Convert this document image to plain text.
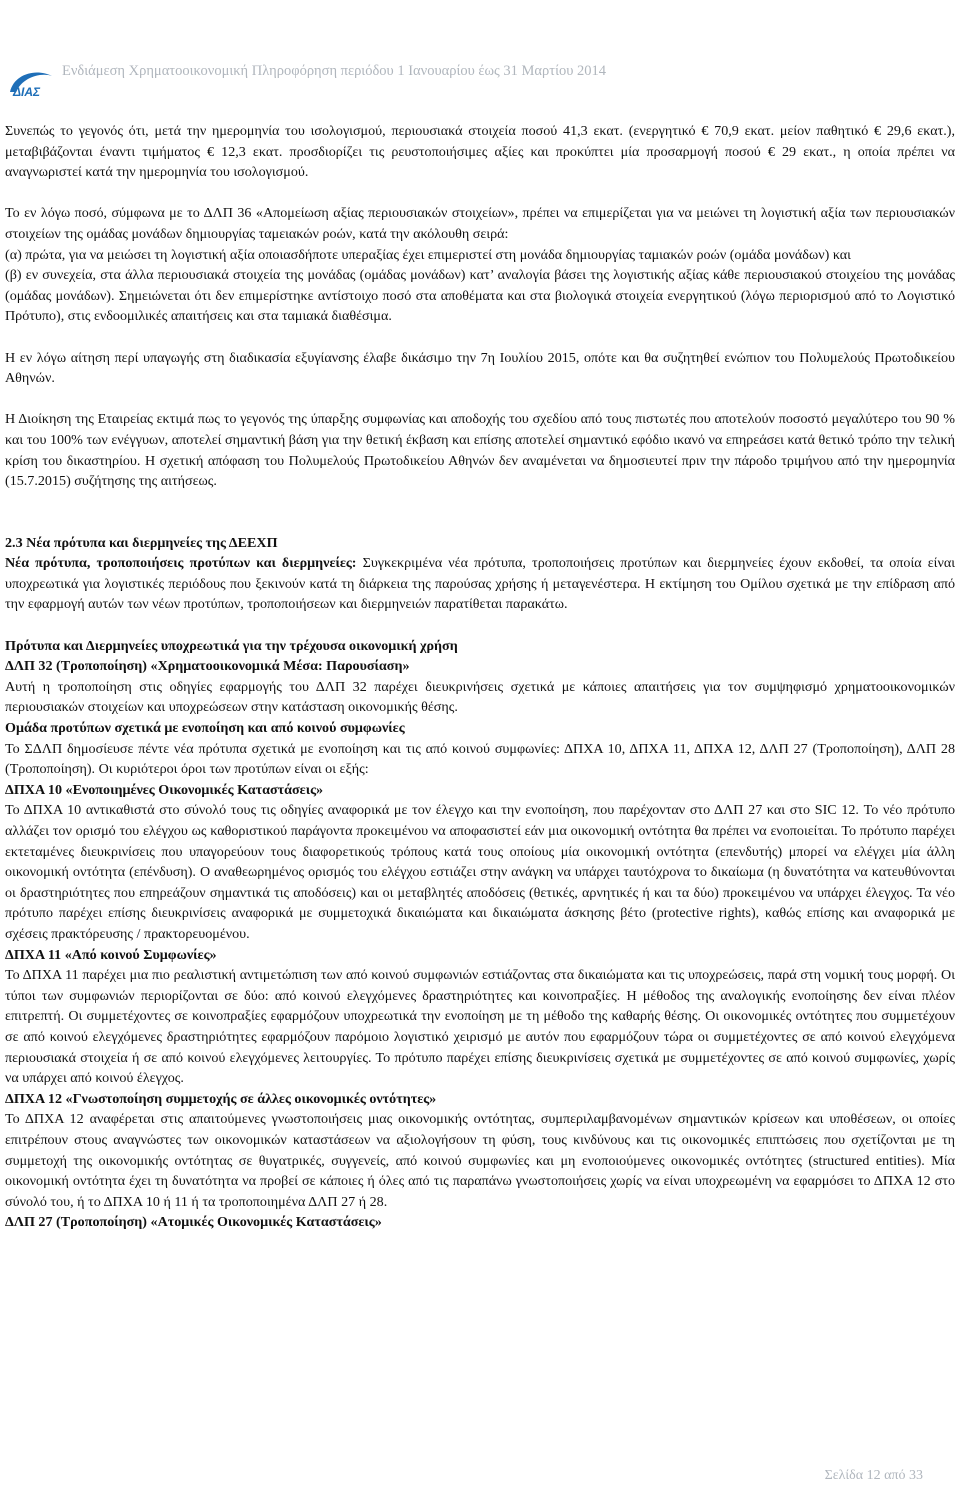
ΔΙΑΣ
Ενδιάμεση Χρηματοοικονομική Πληροφόρηση περιόδου 1 Ιανουαρίου έως 31 Μαρτίου 2014

Συνεπώς το γεγονός ότι, μετά την ημερομηνία του ισολογισμού, περιουσιακά στοιχεία ποσού 41,3 εκατ. (ενεργητικό € 70,9 εκατ. μείον παθητικό € 29,6 εκατ.), μεταβιβάζονται έναντι τιμήματος € 12,3 εκατ. προσδιορίζει τις ρευστοποιήσιμες αξίες και προκύπτει μία προσαρμογή ποσού € 29 εκατ., η οποία πρέπει να αναγνωριστεί κατά την ημερομηνία του ισολογισμού.

Το εν λόγω ποσό, σύμφωνα με το ΔΛΠ 36 «Απομείωση αξίας περιουσιακών στοιχείων», πρέπει να επιμερίζεται για να μειώνει τη λογιστική αξία των περιουσιακών στοιχείων της ομάδας μονάδων δημιουργίας ταμειακών ροών, κατά την ακόλουθη σειρά:

(α) πρώτα, για να μειώσει τη λογιστική αξία οποιασδήποτε υπεραξίας έχει επιμεριστεί στη μονάδα δημιουργίας ταμιακών ροών (ομάδα μονάδων) και

(β) εν συνεχεία, στα άλλα περιουσιακά στοιχεία της μονάδας (ομάδας μονάδων) κατ’ αναλογία βάσει της λογιστικής αξίας κάθε περιουσιακού στοιχείου της μονάδας (ομάδας μονάδων). Σημειώνεται ότι δεν επιμερίστηκε αντίστοιχο ποσό στα αποθέματα και στα βιολογικά στοιχεία ενεργητικού (λόγω περιορισμού από το Λογιστικό Πρότυπο), στις ενδοομιλικές απαιτήσεις και στα ταμιακά διαθέσιμα.

Η εν λόγω αίτηση περί υπαγωγής στη διαδικασία εξυγίανσης έλαβε δικάσιμο την 7η Ιουλίου 2015, οπότε και θα συζητηθεί ενώπιον του Πολυμελούς Πρωτοδικείου Αθηνών.

Η Διοίκηση της Εταιρείας εκτιμά πως το γεγονός της ύπαρξης συμφωνίας και αποδοχής του σχεδίου από τους πιστωτές που αποτελούν ποσοστό μεγαλύτερο του 90 % και του 100% των ενέγγυων, αποτελεί σημαντική βάση για την θετική έκβαση και επίσης αποτελεί σημαντικό εφόδιο ικανό να επηρεάσει κατά θετικό τρόπο την τελική κρίση του δικαστηρίου. Η σχετική απόφαση του Πολυμελούς Πρωτοδικείου Αθηνών δεν αναμένεται να δημοσιευτεί πριν την πάροδο τριμήνου από την ημερομηνία (15.7.2015) συζήτησης της αιτήσεως.

2.3 Νέα πρότυπα και διερμηνείες της ΔΕΕΧΠ

Νέα πρότυπα, τροποποιήσεις προτύπων και διερμηνείες: Συγκεκριμένα νέα πρότυπα, τροποποιήσεις προτύπων και διερμηνείες έχουν εκδοθεί, τα οποία είναι υποχρεωτικά για λογιστικές περιόδους που ξεκινούν κατά τη διάρκεια της παρούσας χρήσης ή μεταγενέστερα. Η εκτίμηση του Ομίλου σχετικά με την επίδραση από την εφαρμογή αυτών των νέων προτύπων, τροποποιήσεων και διερμηνειών παρατίθεται παρακάτω.

Πρότυπα και Διερμηνείες υποχρεωτικά για την τρέχουσα οικονομική χρήση

ΔΛΠ 32 (Τροποποίηση) «Χρηματοοικονομικά Μέσα: Παρουσίαση»

Αυτή η τροποποίηση στις οδηγίες εφαρμογής του ΔΛΠ 32 παρέχει διευκρινήσεις σχετικά με κάποιες απαιτήσεις για τον συμψηφισμό χρηματοοικονομικών περιουσιακών στοιχείων και υποχρεώσεων στην κατάσταση οικονομικής θέσης.

Ομάδα προτύπων σχετικά με ενοποίηση και από κοινού συμφωνίες

Το ΣΔΛΠ δημοσίευσε πέντε νέα πρότυπα σχετικά με ενοποίηση και τις από κοινού συμφωνίες: ΔΠΧΑ 10, ΔΠΧΑ 11, ΔΠΧΑ 12, ΔΛΠ 27 (Τροποποίηση), ΔΛΠ 28 (Τροποποίηση). Οι κυριότεροι όροι των προτύπων είναι οι εξής:

ΔΠΧΑ 10 «Ενοποιημένες Οικονομικές Καταστάσεις»

Το ΔΠΧΑ 10 αντικαθιστά στο σύνολό τους τις οδηγίες αναφορικά με τον έλεγχο και την ενοποίηση, που παρέχονταν στο ΔΛΠ 27 και στο SIC 12. Το νέο πρότυπο αλλάζει τον ορισμό του ελέγχου ως καθοριστικού παράγοντα προκειμένου να αποφασιστεί εάν μια οικονομική οντότητα θα πρέπει να ενοποιείται. Το πρότυπο παρέχει εκτεταμένες διευκρινίσεις που υπαγορεύουν τους διαφορετικούς τρόπους κατά τους οποίους μία οικονομική οντότητα (επενδυτής) μπορεί να ελέγχει μία άλλη οικονομική οντότητα (επένδυση). Ο αναθεωρημένος ορισμός του ελέγχου εστιάζει στην ανάγκη να υπάρχει ταυτόχρονα το δικαίωμα (η δυνατότητα να κατευθύνονται οι δραστηριότητες που επηρεάζουν σημαντικά τις αποδόσεις) και οι μεταβλητές αποδόσεις (θετικές, αρνητικές ή και τα δύο) προκειμένου να υπάρχει έλεγχος. Τα νέο πρότυπο παρέχει επίσης διευκρινίσεις αναφορικά με συμμετοχικά δικαιώματα και δικαιώματα άσκησης βέτο (protective rights), καθώς επίσης και αναφορικά με σχέσεις πρακτόρευσης / πρακτορευομένου.

ΔΠΧΑ 11 «Από κοινού Συμφωνίες»

Το ΔΠΧΑ 11 παρέχει μια πιο ρεαλιστική αντιμετώπιση των από κοινού συμφωνιών εστιάζοντας στα δικαιώματα και τις υποχρεώσεις, παρά στη νομική τους μορφή. Οι τύποι των συμφωνιών περιορίζονται σε δύο: από κοινού ελεγχόμενες δραστηριότητες και κοινοπραξίες. Η μέθοδος της αναλογικής ενοποίησης δεν είναι πλέον επιτρεπτή. Οι συμμετέχοντες σε κοινοπραξίες εφαρμόζουν υποχρεωτικά την ενοποίηση με τη μέθοδο της καθαρής θέσης. Οι οικονομικές οντότητες που συμμετέχουν σε από κοινού ελεγχόμενες δραστηριότητες εφαρμόζουν παρόμοιο λογιστικό χειρισμό με αυτόν που εφαρμόζουν τώρα οι συμμετέχοντες σε από κοινού ελεγχόμενα περιουσιακά στοιχεία ή σε από κοινού ελεγχόμενες λειτουργίες. Το πρότυπο παρέχει επίσης διευκρινίσεις σχετικά με συμμετέχοντες σε από κοινού συμφωνίες, χωρίς να υπάρχει από κοινού έλεγχος.

ΔΠΧΑ 12 «Γνωστοποίηση συμμετοχής σε άλλες οικονομικές οντότητες»

Το ΔΠΧΑ 12 αναφέρεται στις απαιτούμενες γνωστοποιήσεις μιας οικονομικής οντότητας, συμπεριλαμβανομένων σημαντικών κρίσεων και υποθέσεων, οι οποίες επιτρέπουν στους αναγνώστες των οικονομικών καταστάσεων να αξιολογήσουν τη φύση, τους κινδύνους και τις οικονομικές επιπτώσεις που σχετίζονται με τη συμμετοχή της οικονομικής οντότητας σε θυγατρικές, συγγενείς, από κοινού συμφωνίες και μη ενοποιούμενες οικονομικές οντότητες (structured entities). Μία οικονομική οντότητα έχει τη δυνατότητα να προβεί σε κάποιες ή όλες από τις παραπάνω γνωστοποιήσεις χωρίς να είναι υποχρεωμένη να εφαρμόσει το ΔΠΧΑ 12 στο σύνολό του, ή το ΔΠΧΑ 10 ή 11 ή τα τροποποιημένα ΔΛΠ 27 ή 28.

ΔΛΠ 27 (Τροποποίηση) «Ατομικές Οικονομικές Καταστάσεις»

Σελίδα 12 από 33
